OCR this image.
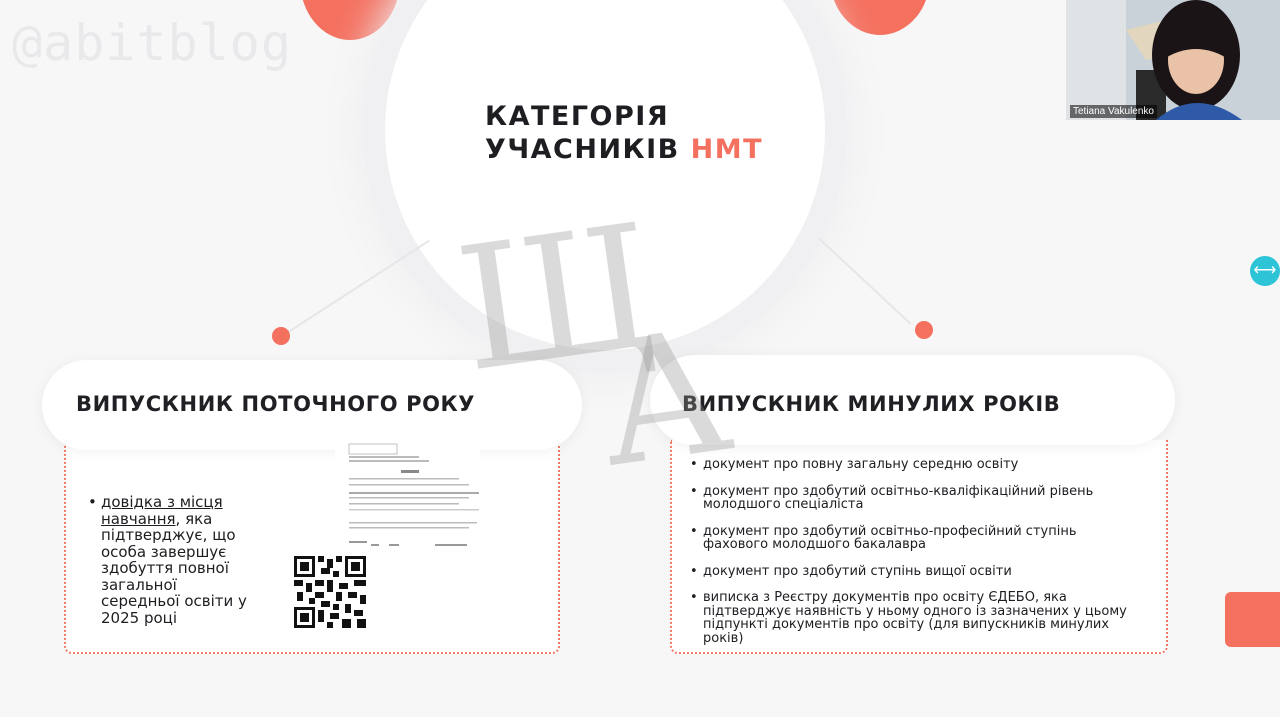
@abitblog
КАТЕГОРІЯ
УЧАСНИКІВ НМТ
ВИПУСКНИК ПОТОЧНОГО РОКУ
• довідка з місця навчання, яка підтверджує, що особа завершує здобуття повної загальної середньої освіти у 2025 році
ВИПУСКНИК МИНУЛИХ РОКІВ
• документ про повну загальну середню освіту
• документ про здобутий освітньо-кваліфікаційний рівень молодшого спеціаліста
• документ про здобутий освітньо-професійний ступінь фахового молодшого бакалавра
• документ про здобутий ступінь вищої освіти
• виписка з Реєстру документів про освіту ЄДЕБО, яка підтверджує наявність у ньому одного із зазначених у цьому підпункті документів про освіту (для випускників минулих років)
Щ
А
Tetiana Vakulenko
⟷
